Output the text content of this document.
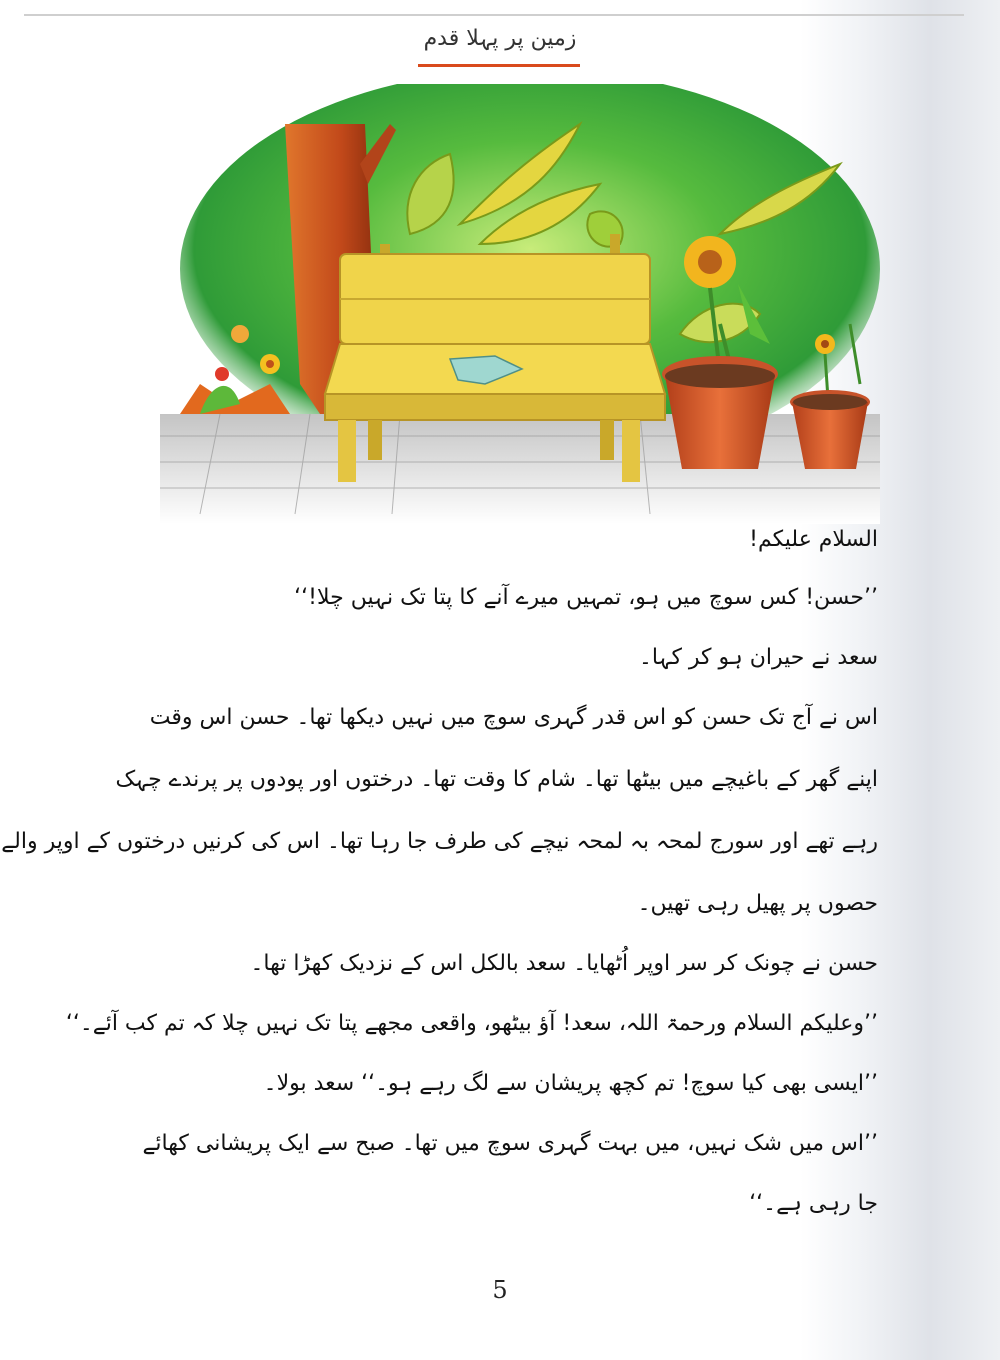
زمین پر پہلا قدم
السلام علیکم!
’’حسن! کس سوچ میں ہو، تمہیں میرے آنے کا پتا تک نہیں چلا!‘‘
سعد نے حیران ہو کر کہا۔
اس نے آج تک حسن کو اس قدر گہری سوچ میں نہیں دیکھا تھا۔ حسن اس وقت
اپنے گھر کے باغیچے میں بیٹھا تھا۔ شام کا وقت تھا۔ درختوں اور پودوں پر پرندے چہک
رہے تھے اور سورج لمحہ بہ لمحہ نیچے کی طرف جا رہا تھا۔ اس کی کرنیں درختوں کے اوپر والے
حصوں پر پھیل رہی تھیں۔
حسن نے چونک کر سر اوپر اُٹھایا۔ سعد بالکل اس کے نزدیک کھڑا تھا۔
’’وعلیکم السلام ورحمۃ اللہ، سعد! آؤ بیٹھو، واقعی مجھے پتا تک نہیں چلا کہ تم کب آئے۔‘‘
’’ایسی بھی کیا سوچ! تم کچھ پریشان سے لگ رہے ہو۔‘‘ سعد بولا۔
’’اس میں شک نہیں، میں بہت گہری سوچ میں تھا۔ صبح سے ایک پریشانی کھائے
جا رہی ہے۔‘‘
5
